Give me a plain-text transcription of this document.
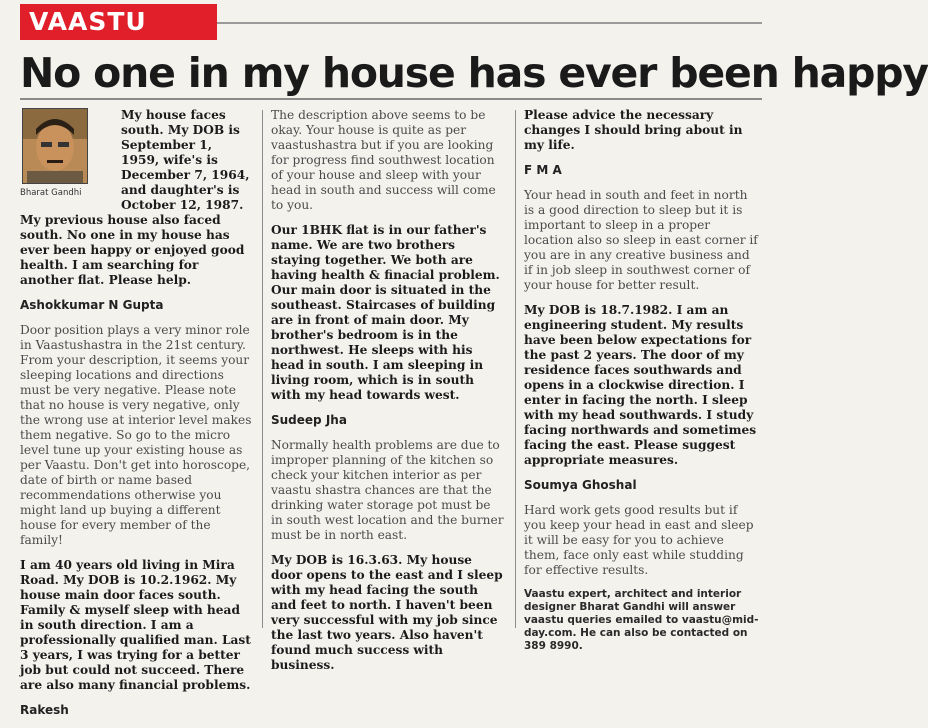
VAASTU
No one in my house has ever been happy
Bharat Gandhi

My house faces south. My DOB is September 1, 1959, wife's is December 7, 1964, and daughter's is October 12, 1987. My previous house also faced south. No one in my house has ever been happy or enjoyed good health. I am searching for another flat. Please help.

Ashokkumar N Gupta

Door position plays a very minor role in Vaastushastra in the 21st century. From your description, it seems your sleeping locations and directions must be very negative. Please note that no house is very negative, only the wrong use at interior level makes them negative. So go to the micro level tune up your existing house as per Vaastu. Don't get into horoscope, date of birth or name based recommendations otherwise you might land up buying a different house for every member of the family!

I am 40 years old living in Mira Road. My DOB is 10.2.1962. My house main door faces south. Family & myself sleep with head in south direction. I am a professionally qualified man. Last 3 years, I was trying for a better job but could not succeed. There are also many financial problems.

Rakesh

The description above seems to be okay. Your house is quite as per vaastushastra but if you are looking for progress find southwest location of your house and sleep with your head in south and success will come to you.

Our 1BHK flat is in our father's name. We are two brothers staying together. We both are having health & finacial problem. Our main door is situated in the southeast. Staircases of building are in front of main door. My brother's bedroom is in the northwest. He sleeps with his head in south. I am sleeping in living room, which is in south with my head towards west.

Sudeep Jha

Normally health problems are due to improper planning of the kitchen so check your kitchen interior as per vaastu shastra chances are that the drinking water storage pot must be in south west location and the burner must be in north east.

My DOB is 16.3.63. My house door opens to the east and I sleep with my head facing the south and feet to north. I haven't been very successful with my job since the last two years. Also haven't found much success with business.

Please advice the necessary changes I should bring about in my life.

F M A

Your head in south and feet in north is a good direction to sleep but it is important to sleep in a proper location also so sleep in east corner if you are in any creative business and if in job sleep in southwest corner of your house for better result.

My DOB is 18.7.1982. I am an engineering student. My results have been below expectations for the past 2 years. The door of my residence faces southwards and opens in a clockwise direction. I enter in facing the north. I sleep with my head southwards. I study facing northwards and sometimes facing the east. Please suggest appropriate measures.

Soumya Ghoshal

Hard work gets good results but if you keep your head in east and sleep it will be easy for you to achieve them, face only east while studding for effective results.

Vaastu expert, architect and interior designer Bharat Gandhi will answer vaastu queries emailed to vaastu@mid-day.com. He can also be contacted on 389 8990.
